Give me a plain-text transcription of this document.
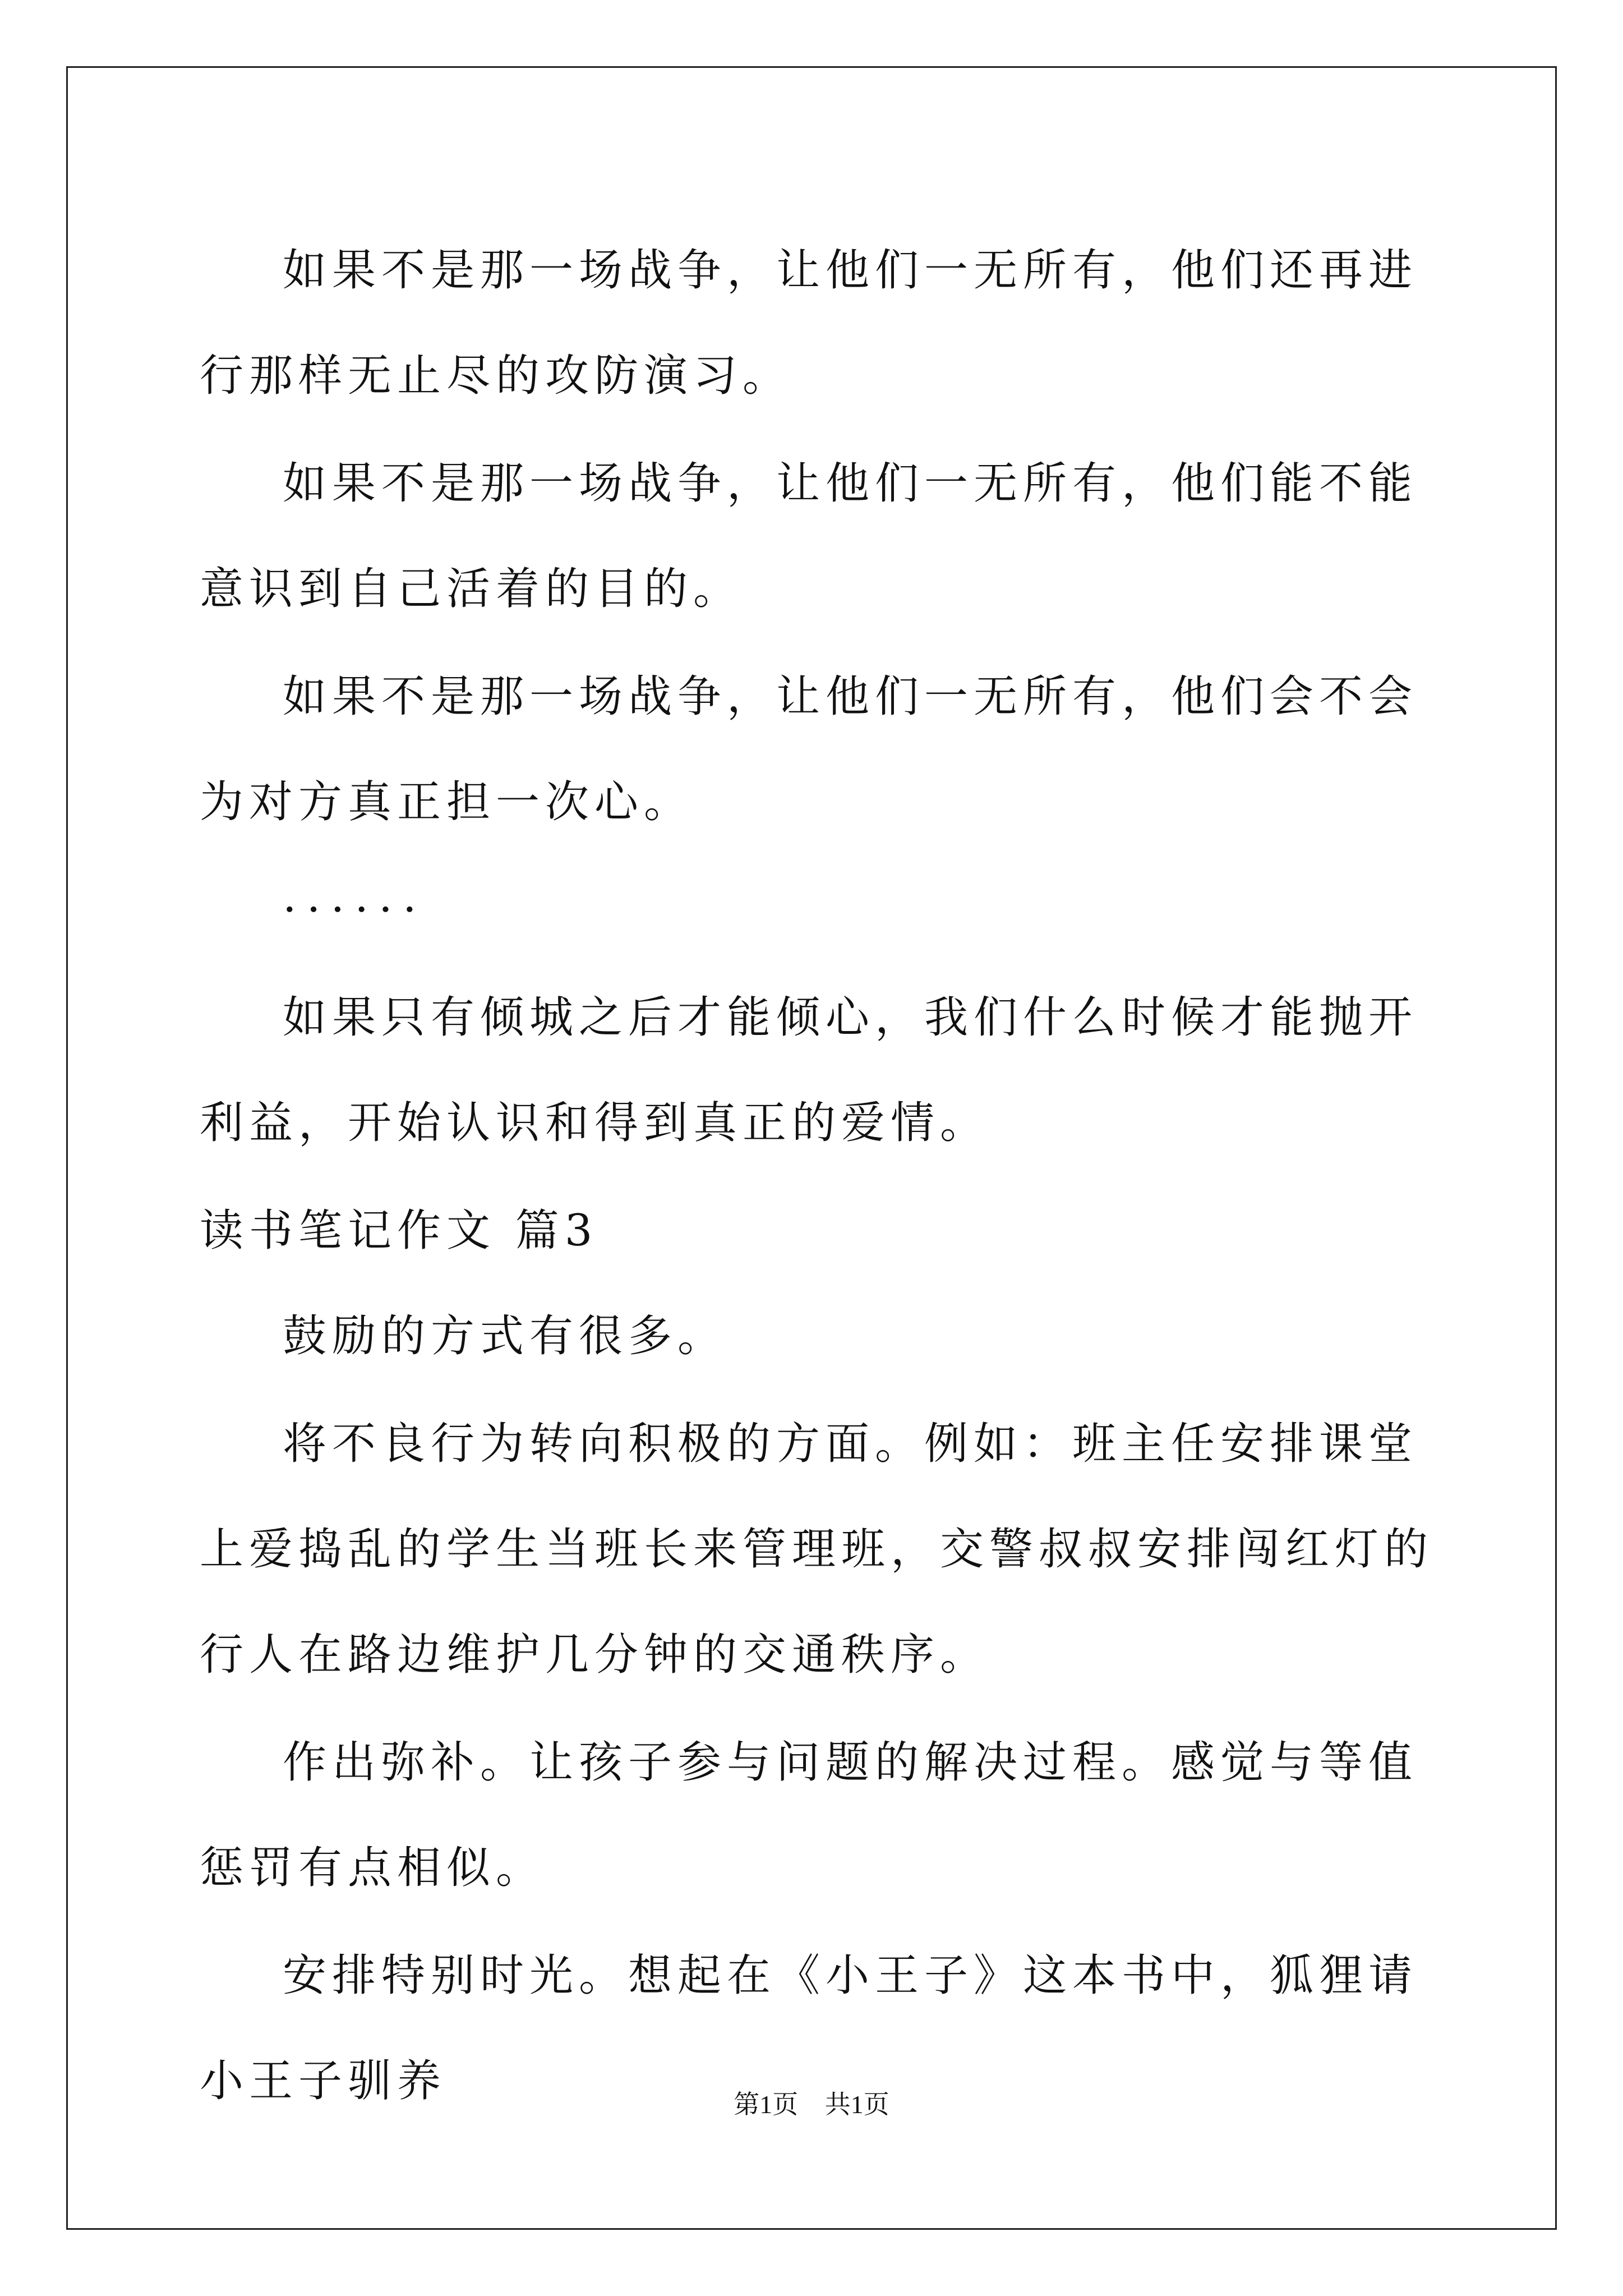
如果不是那一场战争，让他们一无所有，他们还再进行那样无止尽的攻防演习。

如果不是那一场战争，让他们一无所有，他们能不能意识到自己活着的目的。

如果不是那一场战争，让他们一无所有，他们会不会为对方真正担一次心。

······

如果只有倾城之后才能倾心，我们什么时候才能抛开利益，开始认识和得到真正的爱情。

读书笔记作文 篇3

鼓励的方式有很多。

将不良行为转向积极的方面。例如：班主任安排课堂上爱捣乱的学生当班长来管理班，交警叔叔安排闯红灯的行人在路边维护几分钟的交通秩序。

作出弥补。让孩子参与问题的解决过程。感觉与等值惩罚有点相似。

安排特别时光。想起在《小王子》这本书中，狐狸请小王子驯养	第1页 共1页
